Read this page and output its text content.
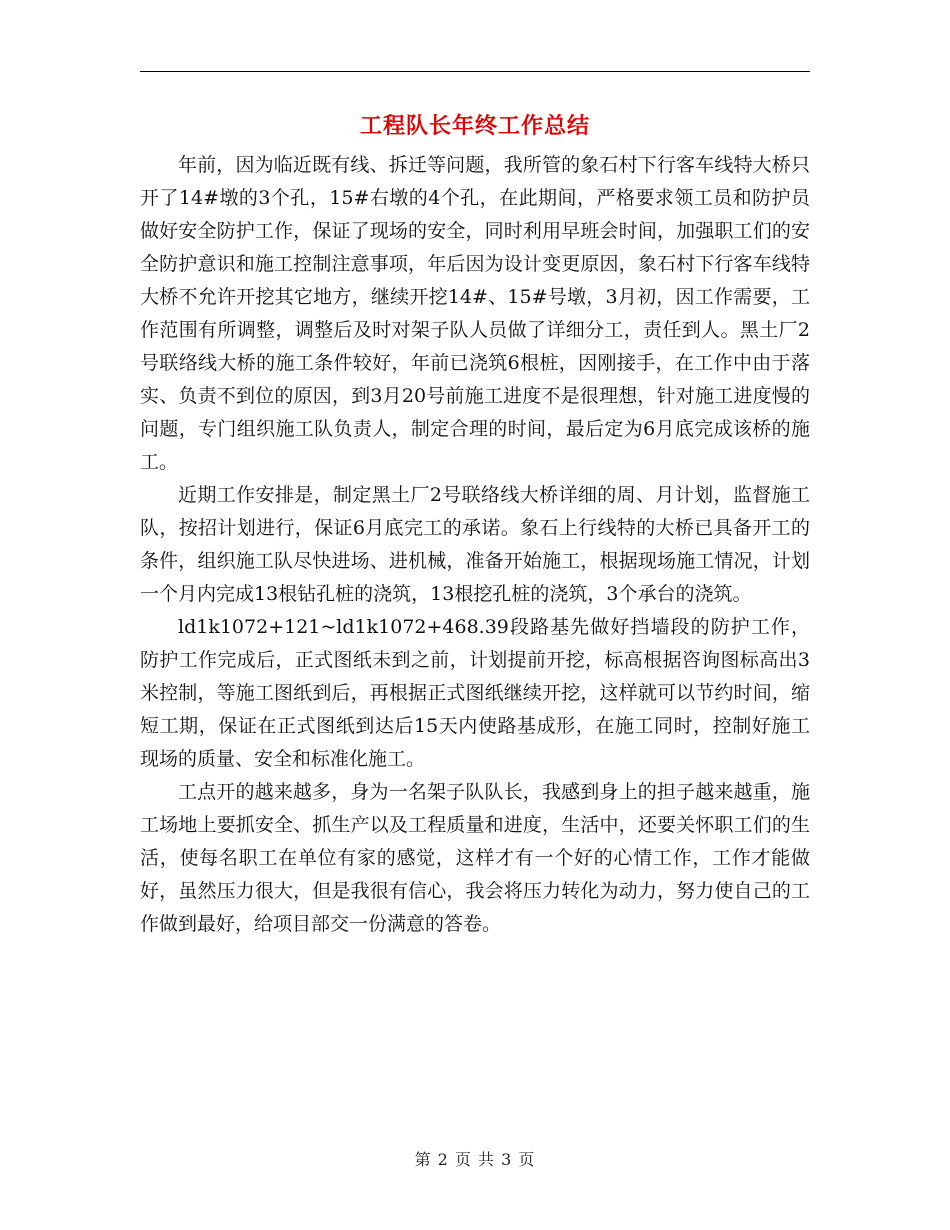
工程队长年终工作总结

年前，因为临近既有线、拆迁等问题，我所管的象石村下行客车线特大桥只开了14#墩的3个孔，15#右墩的4个孔，在此期间，严格要求领工员和防护员做好安全防护工作，保证了现场的安全，同时利用早班会时间，加强职工们的安全防护意识和施工控制注意事项，年后因为设计变更原因，象石村下行客车线特大桥不允许开挖其它地方，继续开挖14#、15#号墩，3月初，因工作需要，工作范围有所调整，调整后及时对架子队人员做了详细分工，责任到人。黑土厂2号联络线大桥的施工条件较好，年前已浇筑6根桩，因刚接手，在工作中由于落实、负责不到位的原因，到3月20号前施工进度不是很理想，针对施工进度慢的问题，专门组织施工队负责人，制定合理的时间，最后定为6月底完成该桥的施工。

近期工作安排是，制定黑土厂2号联络线大桥详细的周、月计划，监督施工队，按招计划进行，保证6月底完工的承诺。象石上行线特的大桥已具备开工的条件，组织施工队尽快进场、进机械，准备开始施工，根据现场施工情况，计划一个月内完成13根钻孔桩的浇筑，13根挖孔桩的浇筑，3个承台的浇筑。

ld1k1072+121~ld1k1072+468.39段路基先做好挡墙段的防护工作，防护工作完成后，正式图纸未到之前，计划提前开挖，标高根据咨询图标高出3米控制，等施工图纸到后，再根据正式图纸继续开挖，这样就可以节约时间，缩短工期，保证在正式图纸到达后15天内使路基成形，在施工同时，控制好施工现场的质量、安全和标准化施工。

工点开的越来越多，身为一名架子队队长，我感到身上的担子越来越重，施工场地上要抓安全、抓生产以及工程质量和进度，生活中，还要关怀职工们的生活，使每名职工在单位有家的感觉，这样才有一个好的心情工作，工作才能做好，虽然压力很大，但是我很有信心，我会将压力转化为动力，努力使自己的工作做到最好，给项目部交一份满意的答卷。

第 2 页 共 3 页
